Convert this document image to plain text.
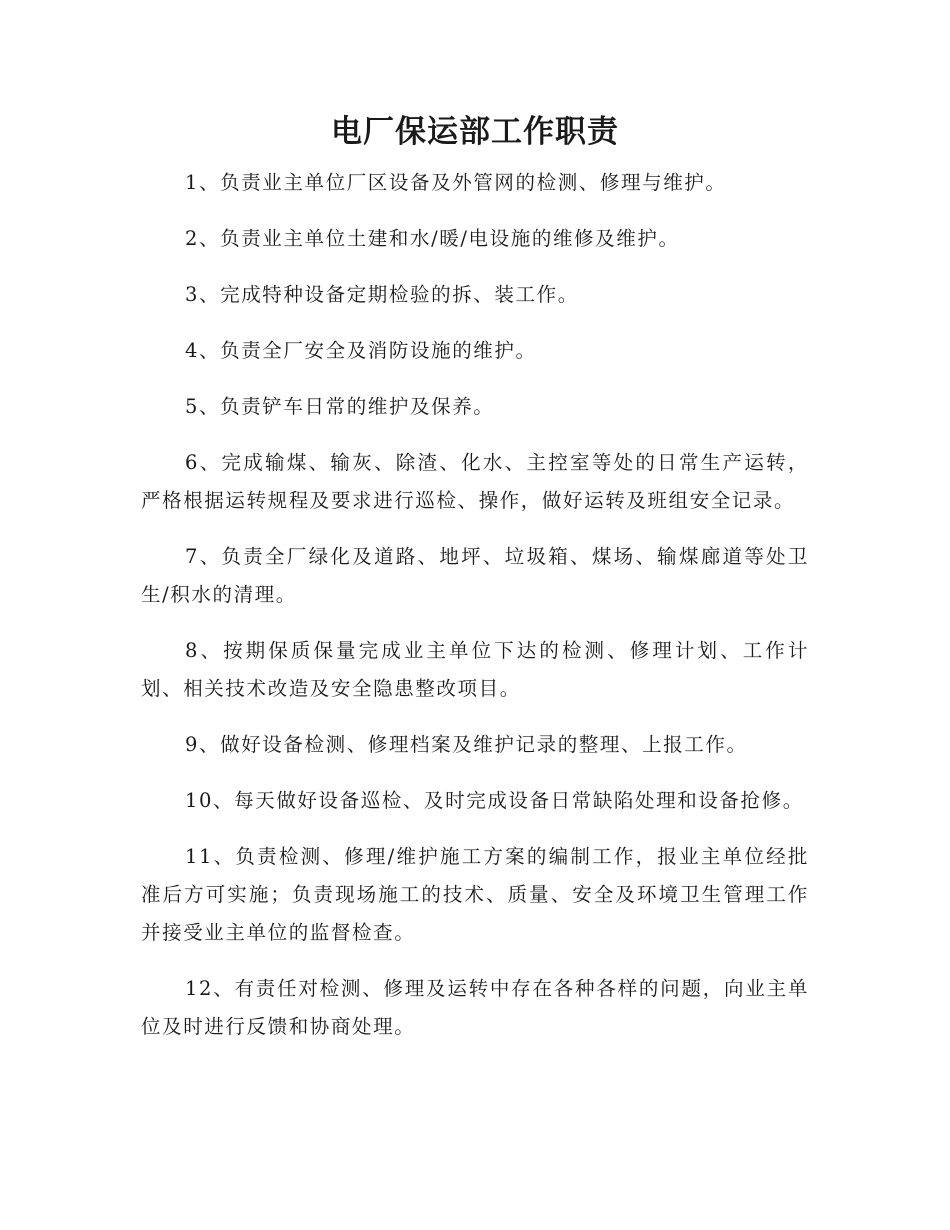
电厂保运部工作职责

1、负责业主单位厂区设备及外管网的检测、修理与维护。

2、负责业主单位土建和水/暖/电设施的维修及维护。

3、完成特种设备定期检验的拆、装工作。

4、负责全厂安全及消防设施的维护。

5、负责铲车日常的维护及保养。

6、完成输煤、输灰、除渣、化水、主控室等处的日常生产运转，严格根据运转规程及要求进行巡检、操作，做好运转及班组安全记录。

7、负责全厂绿化及道路、地坪、垃圾箱、煤场、输煤廊道等处卫生/积水的清理。

8、按期保质保量完成业主单位下达的检测、修理计划、工作计划、相关技术改造及安全隐患整改项目。

9、做好设备检测、修理档案及维护记录的整理、上报工作。

10、每天做好设备巡检、及时完成设备日常缺陷处理和设备抢修。

11、负责检测、修理/维护施工方案的编制工作，报业主单位经批准后方可实施；负责现场施工的技术、质量、安全及环境卫生管理工作并接受业主单位的监督检查。

12、有责任对检测、修理及运转中存在各种各样的问题，向业主单位及时进行反馈和协商处理。
